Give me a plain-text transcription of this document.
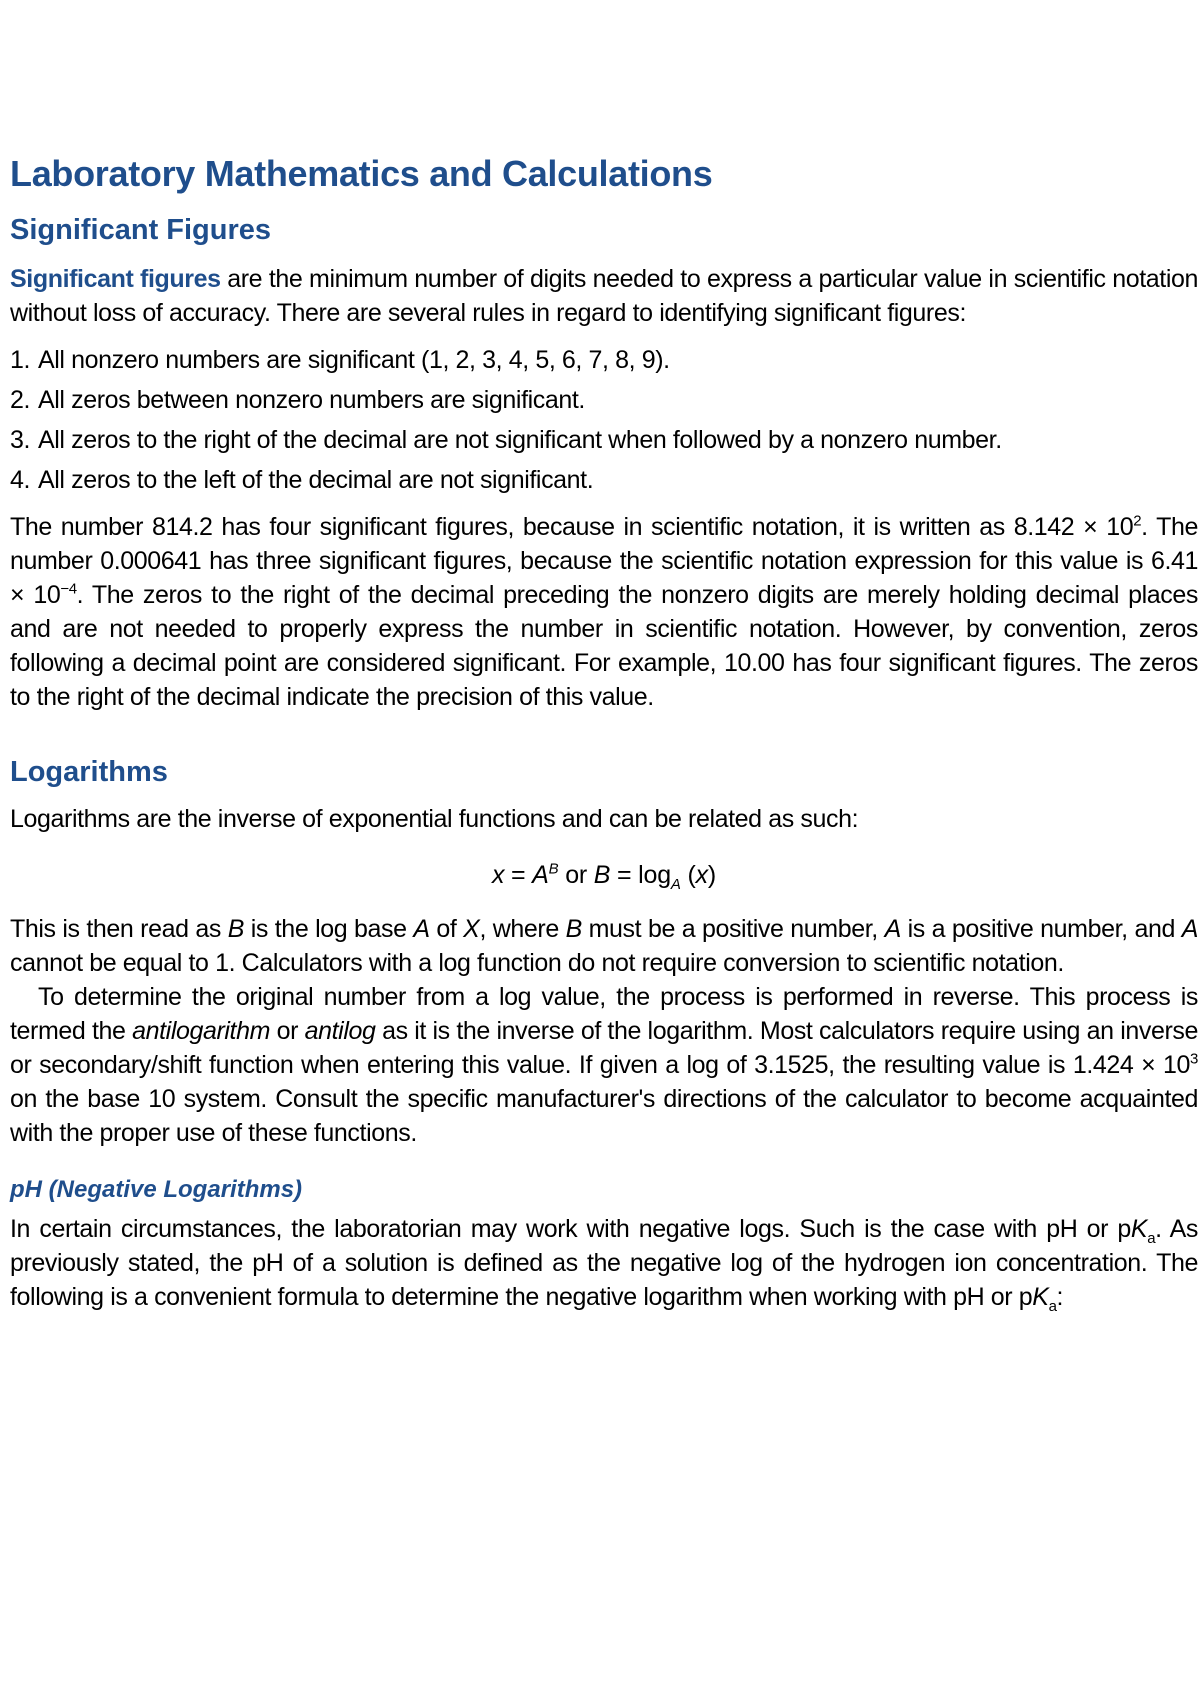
Laboratory Mathematics and Calculations
Significant Figures

Significant figures are the minimum number of digits needed to express a particular value in scientific notation without loss of accuracy. There are several rules in regard to identifying significant figures:

1. All nonzero numbers are significant (1, 2, 3, 4, 5, 6, 7, 8, 9).
2. All zeros between nonzero numbers are significant.
3. All zeros to the right of the decimal are not significant when followed by a nonzero number.
4. All zeros to the left of the decimal are not significant.

The number 814.2 has four significant figures, because in scientific notation, it is written as $8.142 \times 10^2$. The number 0.000641 has three significant figures, because the scientific notation expression for this value is $6.41 \times 10^{-4}$. The zeros to the right of the decimal preceding the nonzero digits are merely holding decimal places and are not needed to properly express the number in scientific notation. However, by convention, zeros following a decimal point are considered significant. For example, 10.00 has four significant figures. The zeros to the right of the decimal indicate the precision of this value.

Logarithms

Logarithms are the inverse of exponential functions and can be related as such:

$x = A^B$ or $B = \log_A (x)$

This is then read as B is the log base A of X, where B must be a positive number, A is a positive number, and A cannot be equal to 1. Calculators with a log function do not require conversion to scientific notation.

To determine the original number from a log value, the process is performed in reverse. This process is termed the antilogarithm or antilog as it is the inverse of the logarithm. Most calculators require using an inverse or secondary/shift function when entering this value. If given a log of 3.1525, the resulting value is $1.424 \times 10^3$ on the base 10 system. Consult the specific manufacturer's directions of the calculator to become acquainted with the proper use of these functions.

pH (Negative Logarithms)

In certain circumstances, the laboratorian may work with negative logs. Such is the case with pH or $pK_a$. As previously stated, the pH of a solution is defined as the negative log of the hydrogen ion concentration. The following is a convenient formula to determine the negative logarithm when working with pH or $pK_a$:
